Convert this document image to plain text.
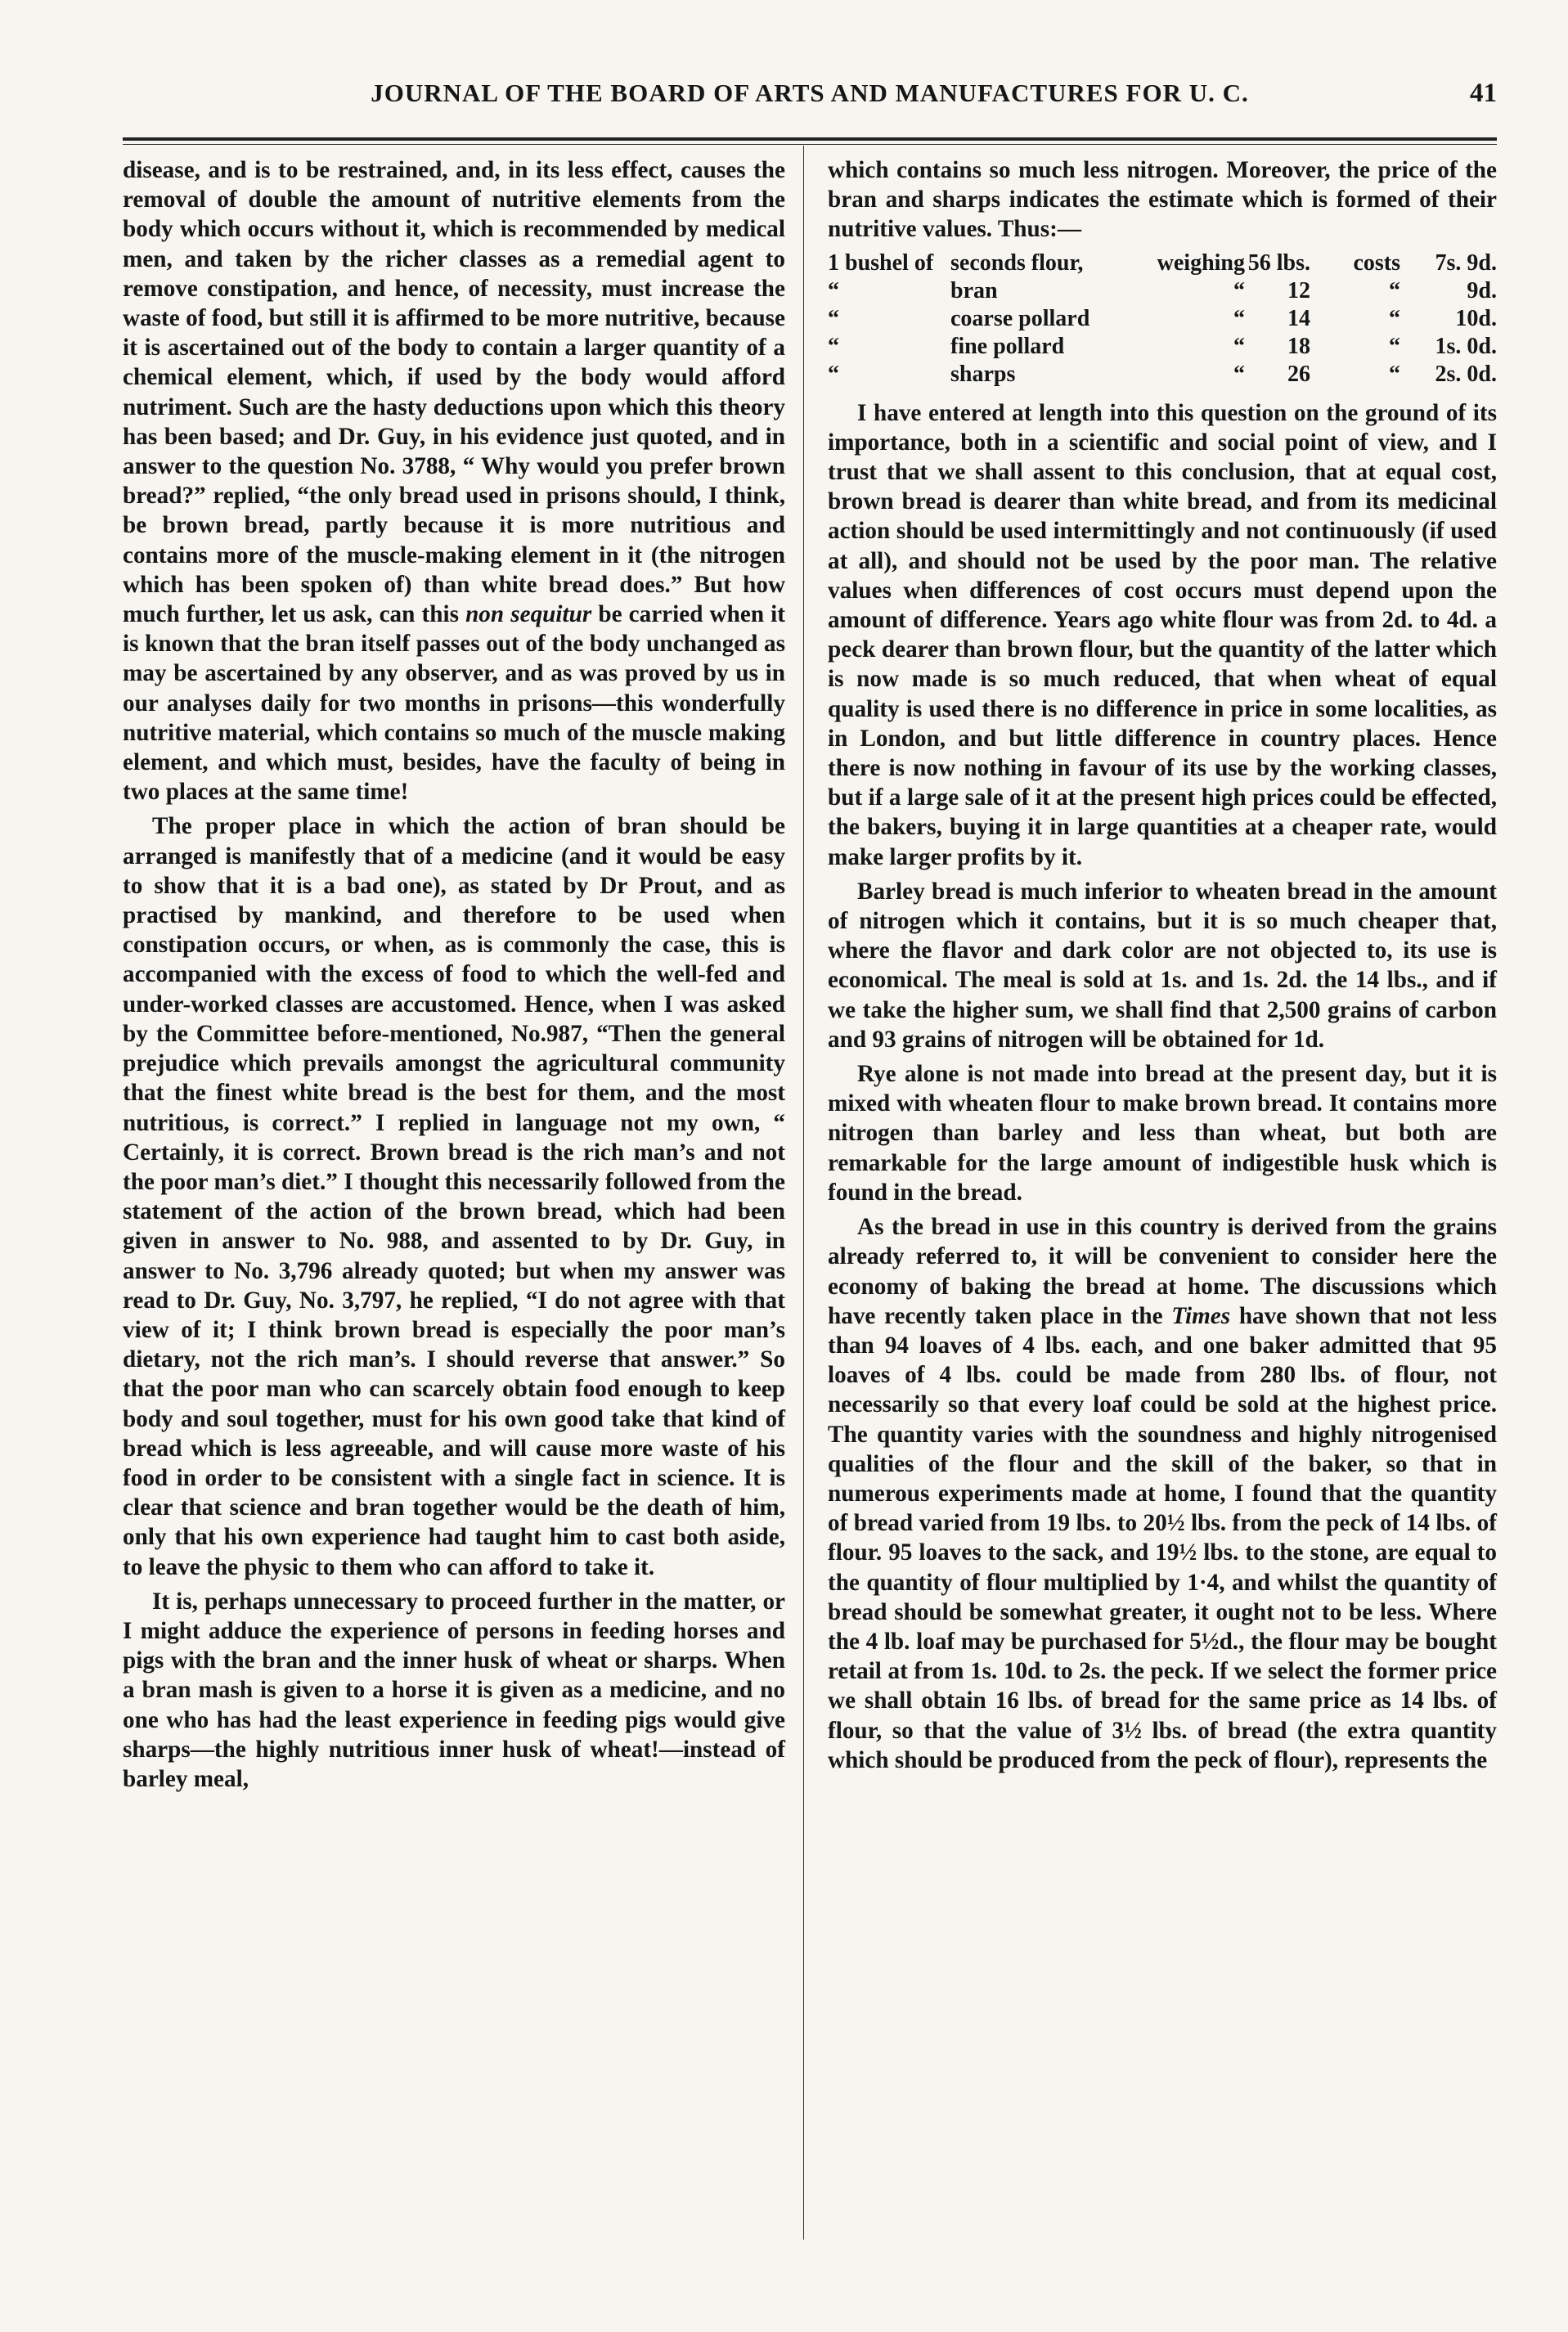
JOURNAL OF THE BOARD OF ARTS AND MANUFACTURES FOR U. C.	41

disease, and is to be restrained, and, in its less effect, causes the removal of double the amount of nutritive elements from the body which occurs without it, which is recommended by medical men, and taken by the richer classes as a remedial agent to remove constipation, and hence, of necessity, must increase the waste of food, but still it is affirmed to be more nutritive, because it is ascertained out of the body to contain a larger quantity of a chemical element, which, if used by the body would afford nutriment. Such are the hasty deductions upon which this theory has been based; and Dr. Guy, in his evidence just quoted, and in answer to the question No. 3788, “ Why would you prefer brown bread?” replied, “the only bread used in prisons should, I think, be brown bread, partly because it is more nutritious and contains more of the muscle-making element in it (the nitrogen which has been spoken of) than white bread does.” But how much further, let us ask, can this non sequitur be carried when it is known that the bran itself passes out of the body unchanged as may be ascertained by any observer, and as was proved by us in our analyses daily for two months in prisons—this wonderfully nutritive material, which contains so much of the muscle making element, and which must, besides, have the faculty of being in two places at the same time!

The proper place in which the action of bran should be arranged is manifestly that of a medicine (and it would be easy to show that it is a bad one), as stated by Dr Prout, and as practised by mankind, and therefore to be used when constipation occurs, or when, as is commonly the case, this is accompanied with the excess of food to which the well-fed and under-worked classes are accustomed. Hence, when I was asked by the Committee before-mentioned, No.987, “Then the general prejudice which prevails amongst the agricultural community that the finest white bread is the best for them, and the most nutritious, is correct.” I replied in language not my own, “ Certainly, it is correct. Brown bread is the rich man’s and not the poor man’s diet.” I thought this necessarily followed from the statement of the action of the brown bread, which had been given in answer to No. 988, and assented to by Dr. Guy, in answer to No. 3,796 already quoted; but when my answer was read to Dr. Guy, No. 3,797, he replied, “I do not agree with that view of it; I think brown bread is especially the poor man’s dietary, not the rich man’s. I should reverse that answer.” So that the poor man who can scarcely obtain food enough to keep body and soul together, must for his own good take that kind of bread which is less agreeable, and will cause more waste of his food in order to be consistent with a single fact in science. It is clear that science and bran together would be the death of him, only that his own experience had taught him to cast both aside, to leave the physic to them who can afford to take it.

It is, perhaps unnecessary to proceed further in the matter, or I might adduce the experience of persons in feeding horses and pigs with the bran and the inner husk of wheat or sharps. When a bran mash is given to a horse it is given as a medicine, and no one who has had the least experience in feeding pigs would give sharps—the highly nutritious inner husk of wheat!—instead of barley meal,

which contains so much less nitrogen. Moreover, the price of the bran and sharps indicates the estimate which is formed of their nutritive values. Thus:—

1 bushel of	seconds flour,	weighing	56 lbs.	costs	7s. 9d.
“	bran	“	12	“	9d.
“	coarse pollard	“	14	“	10d.
“	fine pollard	“	18	“	1s. 0d.
“	sharps	“	26	“	2s. 0d.

I have entered at length into this question on the ground of its importance, both in a scientific and social point of view, and I trust that we shall assent to this conclusion, that at equal cost, brown bread is dearer than white bread, and from its medicinal action should be used intermittingly and not continuously (if used at all), and should not be used by the poor man. The relative values when differences of cost occurs must depend upon the amount of difference. Years ago white flour was from 2d. to 4d. a peck dearer than brown flour, but the quantity of the latter which is now made is so much reduced, that when wheat of equal quality is used there is no difference in price in some localities, as in London, and but little difference in country places. Hence there is now nothing in favour of its use by the working classes, but if a large sale of it at the present high prices could be effected, the bakers, buying it in large quantities at a cheaper rate, would make larger profits by it.

Barley bread is much inferior to wheaten bread in the amount of nitrogen which it contains, but it is so much cheaper that, where the flavor and dark color are not objected to, its use is economical. The meal is sold at 1s. and 1s. 2d. the 14 lbs., and if we take the higher sum, we shall find that 2,500 grains of carbon and 93 grains of nitrogen will be obtained for 1d.

Rye alone is not made into bread at the present day, but it is mixed with wheaten flour to make brown bread. It contains more nitrogen than barley and less than wheat, but both are remarkable for the large amount of indigestible husk which is found in the bread.

As the bread in use in this country is derived from the grains already referred to, it will be convenient to consider here the economy of baking the bread at home. The discussions which have recently taken place in the Times have shown that not less than 94 loaves of 4 lbs. each, and one baker admitted that 95 loaves of 4 lbs. could be made from 280 lbs. of flour, not necessarily so that every loaf could be sold at the highest price. The quantity varies with the soundness and highly nitrogenised qualities of the flour and the skill of the baker, so that in numerous experiments made at home, I found that the quantity of bread varied from 19 lbs. to 20½ lbs. from the peck of 14 lbs. of flour. 95 loaves to the sack, and 19½ lbs. to the stone, are equal to the quantity of flour multiplied by 1·4, and whilst the quantity of bread should be somewhat greater, it ought not to be less. Where the 4 lb. loaf may be purchased for 5½d., the flour may be bought retail at from 1s. 10d. to 2s. the peck. If we select the former price we shall obtain 16 lbs. of bread for the same price as 14 lbs. of flour, so that the value of 3½ lbs. of bread (the extra quantity which should be produced from the peck of flour), represents the
